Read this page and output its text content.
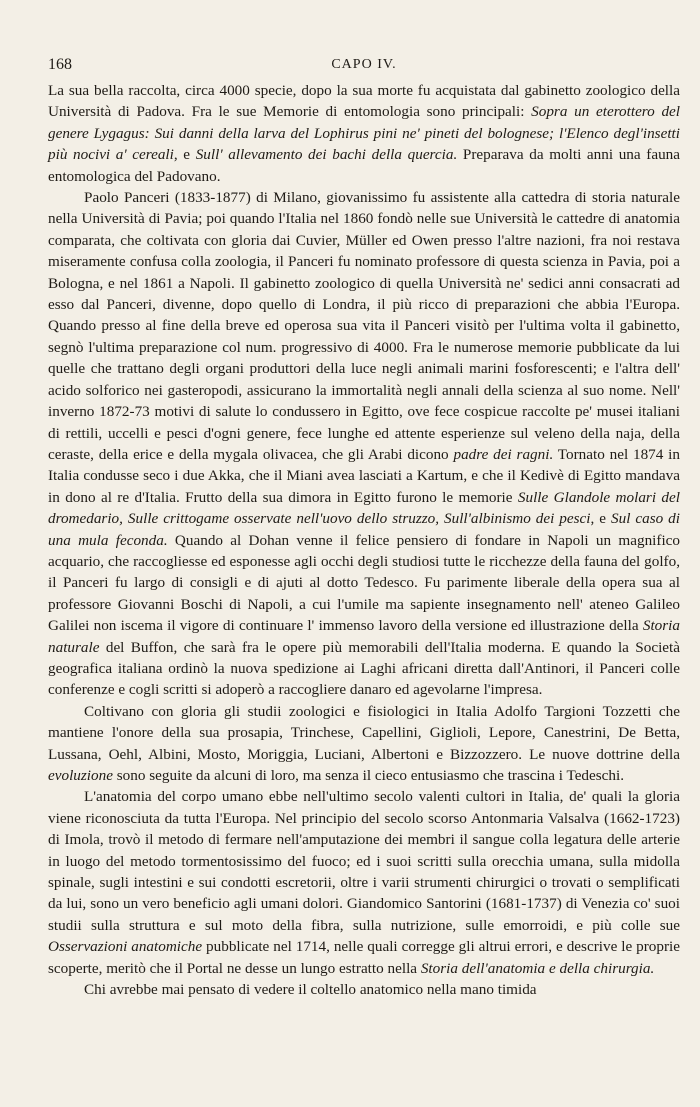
168	CAPO IV.

La sua bella raccolta, circa 4000 specie, dopo la sua morte fu acquistata dal gabinetto zoologico della Università di Padova. Fra le sue Memorie di entomologia sono principali: Sopra un eterottero del genere Lygagus: Sui danni della larva del Lophirus pini ne' pineti del bolognese; l'Elenco degl'insetti più nocivi a' cereali, e Sull' allevamento dei bachi della quercia. Preparava da molti anni una fauna entomologica del Padovano.

Paolo Panceri (1833-1877) di Milano, giovanissimo fu assistente alla cattedra di storia naturale nella Università di Pavia; poi quando l'Italia nel 1860 fondò nelle sue Università le cattedre di anatomia comparata, che coltivata con gloria dai Cuvier, Müller ed Owen presso l'altre nazioni, fra noi restava miseramente confusa colla zoologia, il Panceri fu nominato professore di questa scienza in Pavia, poi a Bologna, e nel 1861 a Napoli. Il gabinetto zoologico di quella Università ne' sedici anni consacrati ad esso dal Panceri, divenne, dopo quello di Londra, il più ricco di preparazioni che abbia l'Europa. Quando presso al fine della breve ed operosa sua vita il Panceri visitò per l'ultima volta il gabinetto, segnò l'ultima preparazione col num. progressivo di 4000. Fra le numerose memorie pubblicate da lui quelle che trattano degli organi produttori della luce negli animali marini fosforescenti; e l'altra dell' acido solforico nei gasteropodi, assicurano la immortalità negli annali della scienza al suo nome. Nell' inverno 1872-73 motivi di salute lo condussero in Egitto, ove fece cospicue raccolte pe' musei italiani di rettili, uccelli e pesci d'ogni genere, fece lunghe ed attente esperienze sul veleno della naja, della ceraste, della erice e della mygala olivacea, che gli Arabi dicono padre dei ragni. Tornato nel 1874 in Italia condusse seco i due Akka, che il Miani avea lasciati a Kartum, e che il Kedivè di Egitto mandava in dono al re d'Italia. Frutto della sua dimora in Egitto furono le memorie Sulle Glandole molari del dromedario, Sulle crittogame osservate nell'uovo dello struzzo, Sull'albinismo dei pesci, e Sul caso di una mula feconda. Quando al Dohan venne il felice pensiero di fondare in Napoli un magnifico acquario, che raccogliesse ed esponesse agli occhi degli studiosi tutte le ricchezze della fauna del golfo, il Panceri fu largo di consigli e di ajuti al dotto Tedesco. Fu parimente liberale della opera sua al professore Giovanni Boschi di Napoli, a cui l'umile ma sapiente insegnamento nell' ateneo Galileo Galilei non iscema il vigore di continuare l' immenso lavoro della versione ed illustrazione della Storia naturale del Buffon, che sarà fra le opere più memorabili dell'Italia moderna. E quando la Società geografica italiana ordinò la nuova spedizione ai Laghi africani diretta dall'Antinori, il Panceri colle conferenze e cogli scritti si adoperò a raccogliere danaro ed agevolarne l'impresa.

Coltivano con gloria gli studii zoologici e fisiologici in Italia Adolfo Targioni Tozzetti che mantiene l'onore della sua prosapia, Trinchese, Capellini, Giglioli, Lepore, Canestrini, De Betta, Lussana, Oehl, Albini, Mosto, Moriggia, Luciani, Albertoni e Bizzozzero. Le nuove dottrine della evoluzione sono seguite da alcuni di loro, ma senza il cieco entusiasmo che trascina i Tedeschi.

L'anatomia del corpo umano ebbe nell'ultimo secolo valenti cultori in Italia, de' quali la gloria viene riconosciuta da tutta l'Europa. Nel principio del secolo scorso Antonmaria Valsalva (1662-1723) di Imola, trovò il metodo di fermare nell'amputazione dei membri il sangue colla legatura delle arterie in luogo del metodo tormentosissimo del fuoco; ed i suoi scritti sulla orecchia umana, sulla midolla spinale, sugli intestini e sui condotti escretorii, oltre i varii strumenti chirurgici o trovati o semplificati da lui, sono un vero beneficio agli umani dolori. Giandomico Santorini (1681-1737) di Venezia co' suoi studii sulla struttura e sul moto della fibra, sulla nutrizione, sulle emorroidi, e più colle sue Osservazioni anatomiche pubblicate nel 1714, nelle quali corregge gli altrui errori, e descrive le proprie scoperte, meritò che il Portal ne desse un lungo estratto nella Storia dell'anatomia e della chirurgia.

Chi avrebbe mai pensato di vedere il coltello anatomico nella mano timida
